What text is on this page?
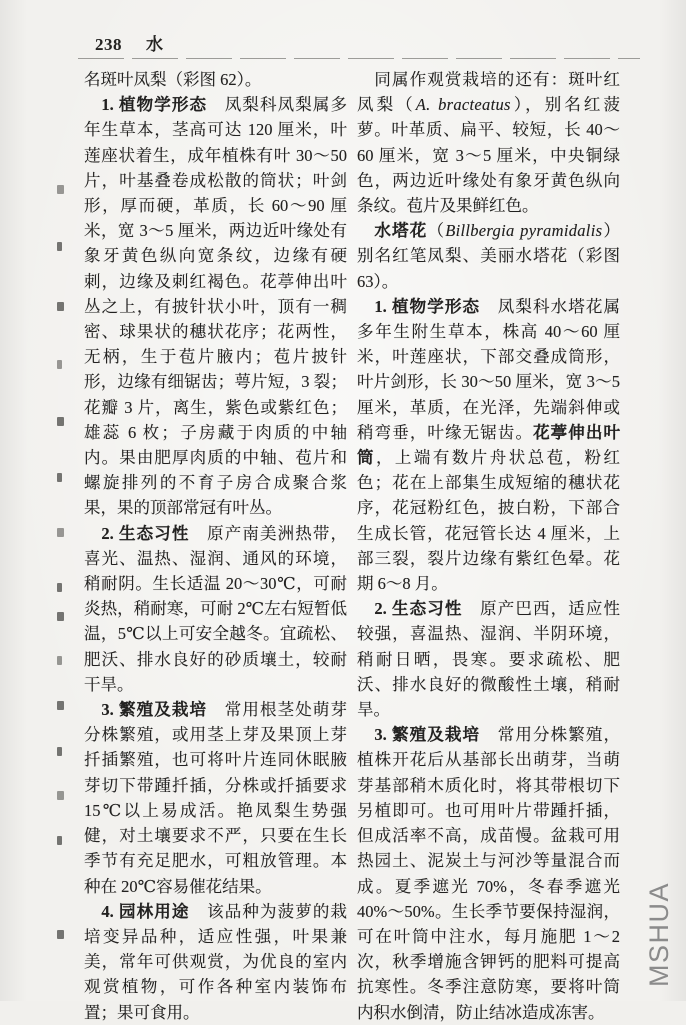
238 水

名斑叶凤梨（彩图 62）。

1. 植物学形态　凤梨科凤梨属多年生草本，茎高可达 120 厘米，叶莲座状着生，成年植株有叶 30～50 片，叶基叠卷成松散的筒状；叶剑形，厚而硬，革质，长 60～90 厘米，宽 3～5 厘米，两边近叶缘处有象牙黄色纵向宽条纹，边缘有硬刺，边缘及刺红褐色。花葶伸出叶丛之上，有披针状小叶，顶有一稠密、球果状的穗状花序；花两性，无柄，生于苞片腋内；苞片披针形，边缘有细锯齿；萼片短，3 裂；花瓣 3 片，离生，紫色或紫红色；雄蕊 6 枚；子房藏于肉质的中轴内。果由肥厚肉质的中轴、苞片和螺旋排列的不育子房合成聚合浆果，果的顶部常冠有叶丛。

2. 生态习性　原产南美洲热带，喜光、温热、湿润、通风的环境，稍耐阴。生长适温 20～30℃，可耐炎热，稍耐寒，可耐 2℃左右短暂低温，5℃以上可安全越冬。宜疏松、肥沃、排水良好的砂质壤土，较耐干旱。

3. 繁殖及栽培　常用根茎处萌芽分株繁殖，或用茎上芽及果顶上芽扦插繁殖，也可将叶片连同休眠腋芽切下带踵扦插，分株或扦插要求 15℃以上易成活。艳凤梨生势强健，对土壤要求不严，只要在生长季节有充足肥水，可粗放管理。本种在 20℃容易催花结果。

4. 园林用途　该品种为菠萝的栽培变异品种，适应性强，叶果兼美，常年可供观赏，为优良的室内观赏植物，可作各种室内装饰布置；果可食用。

同属作观赏栽培的还有：斑叶红凤梨（A. bracteatus），别名红菠萝。叶革质、扁平、较短，长 40～60 厘米，宽 3～5 厘米，中央铜绿色，两边近叶缘处有象牙黄色纵向条纹。苞片及果鲜红色。

水塔花（Billbergia pyramidalis）别名红笔凤梨、美丽水塔花（彩图 63）。

1. 植物学形态　凤梨科水塔花属多年生附生草本，株高 40～60 厘米，叶莲座状，下部交叠成筒形，叶片剑形，长 30～50 厘米，宽 3～5 厘米，革质，在光泽，先端斜伸或稍弯垂，叶缘无锯齿。花葶伸出叶筒，上端有数片舟状总苞，粉红色；花在上部集生成短缩的穗状花序，花冠粉红色，披白粉，下部合生成长管，花冠管长达 4 厘米，上部三裂，裂片边缘有紫红色晕。花期 6～8 月。

2. 生态习性　原产巴西，适应性较强，喜温热、湿润、半阴环境，稍耐日晒，畏寒。要求疏松、肥沃、排水良好的微酸性土壤，稍耐旱。

3. 繁殖及栽培　常用分株繁殖，植株开花后从基部长出萌芽，当萌芽基部稍木质化时，将其带根切下另植即可。也可用叶片带踵扦插，但成活率不高，成苗慢。盆栽可用热园土、泥炭土与河沙等量混合而成。夏季遮光 70%，冬春季遮光 40%～50%。生长季节要保持湿润，可在叶筒中注水，每月施肥 1～2 次，秋季增施含钾钙的肥料可提高抗寒性。冬季注意防寒，要将叶筒内积水倒清，防止结冰造成冻害。

MSHUA
